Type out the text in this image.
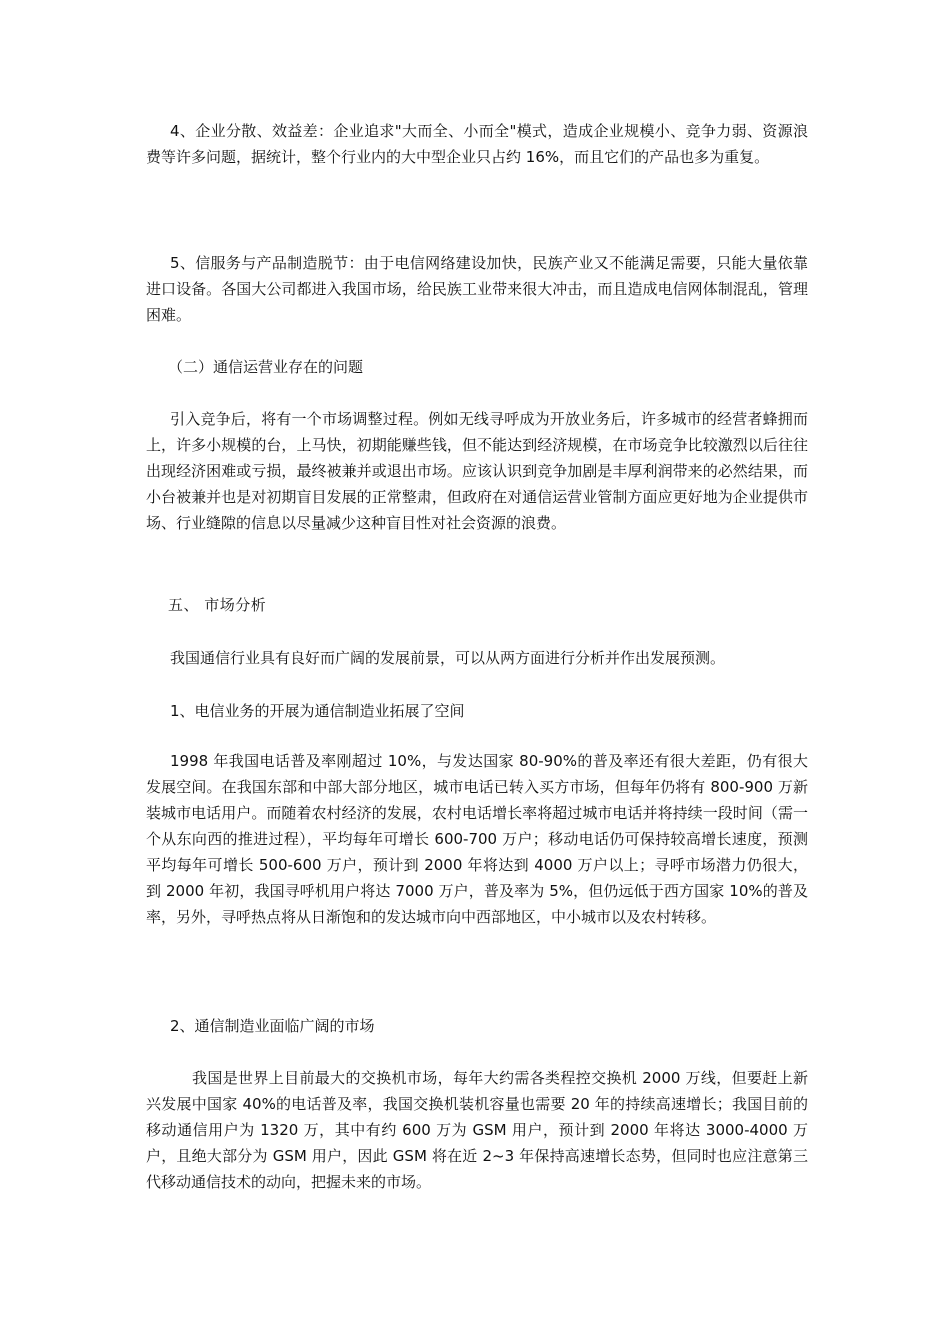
4、企业分散、效益差：企业追求"大而全、小而全"模式，造成企业规模小、竞争力弱、资源浪费等许多问题，据统计，整个行业内的大中型企业只占约 16%，而且它们的产品也多为重复。

5、信服务与产品制造脱节：由于电信网络建设加快，民族产业又不能满足需要，只能大量依靠进口设备。各国大公司都进入我国市场，给民族工业带来很大冲击，而且造成电信网体制混乱，管理困难。

（二）通信运营业存在的问题

引入竞争后，将有一个市场调整过程。例如无线寻呼成为开放业务后，许多城市的经营者蜂拥而上，许多小规模的台，上马快，初期能赚些钱，但不能达到经济规模，在市场竞争比较激烈以后往往出现经济困难或亏损，最终被兼并或退出市场。应该认识到竞争加剧是丰厚利润带来的必然结果，而小台被兼并也是对初期盲目发展的正常整肃，但政府在对通信运营业管制方面应更好地为企业提供市场、行业缝隙的信息以尽量减少这种盲目性对社会资源的浪费。

五、 市场分析

我国通信行业具有良好而广阔的发展前景，可以从两方面进行分析并作出发展预测。

1、电信业务的开展为通信制造业拓展了空间

1998 年我国电话普及率刚超过 10%，与发达国家 80-90%的普及率还有很大差距，仍有很大发展空间。在我国东部和中部大部分地区，城市电话已转入买方市场，但每年仍将有 800-900 万新装城市电话用户。而随着农村经济的发展，农村电话增长率将超过城市电话并将持续一段时间（需一个从东向西的推进过程），平均每年可增长 600-700 万户；移动电话仍可保持较高增长速度，预测平均每年可增长 500-600 万户，预计到 2000 年将达到 4000 万户以上；寻呼市场潜力仍很大，到 2000 年初，我国寻呼机用户将达 7000 万户，普及率为 5%，但仍远低于西方国家 10%的普及率，另外，寻呼热点将从日渐饱和的发达城市向中西部地区，中小城市以及农村转移。

2、通信制造业面临广阔的市场

我国是世界上目前最大的交换机市场，每年大约需各类程控交换机 2000 万线，但要赶上新兴发展中国家 40%的电话普及率，我国交换机装机容量也需要 20 年的持续高速增长；我国目前的移动通信用户为 1320 万，其中有约 600 万为 GSM 用户，预计到 2000 年将达 3000-4000 万户，且绝大部分为 GSM 用户，因此 GSM 将在近 2~3 年保持高速增长态势，但同时也应注意第三代移动通信技术的动向，把握未来的市场。
